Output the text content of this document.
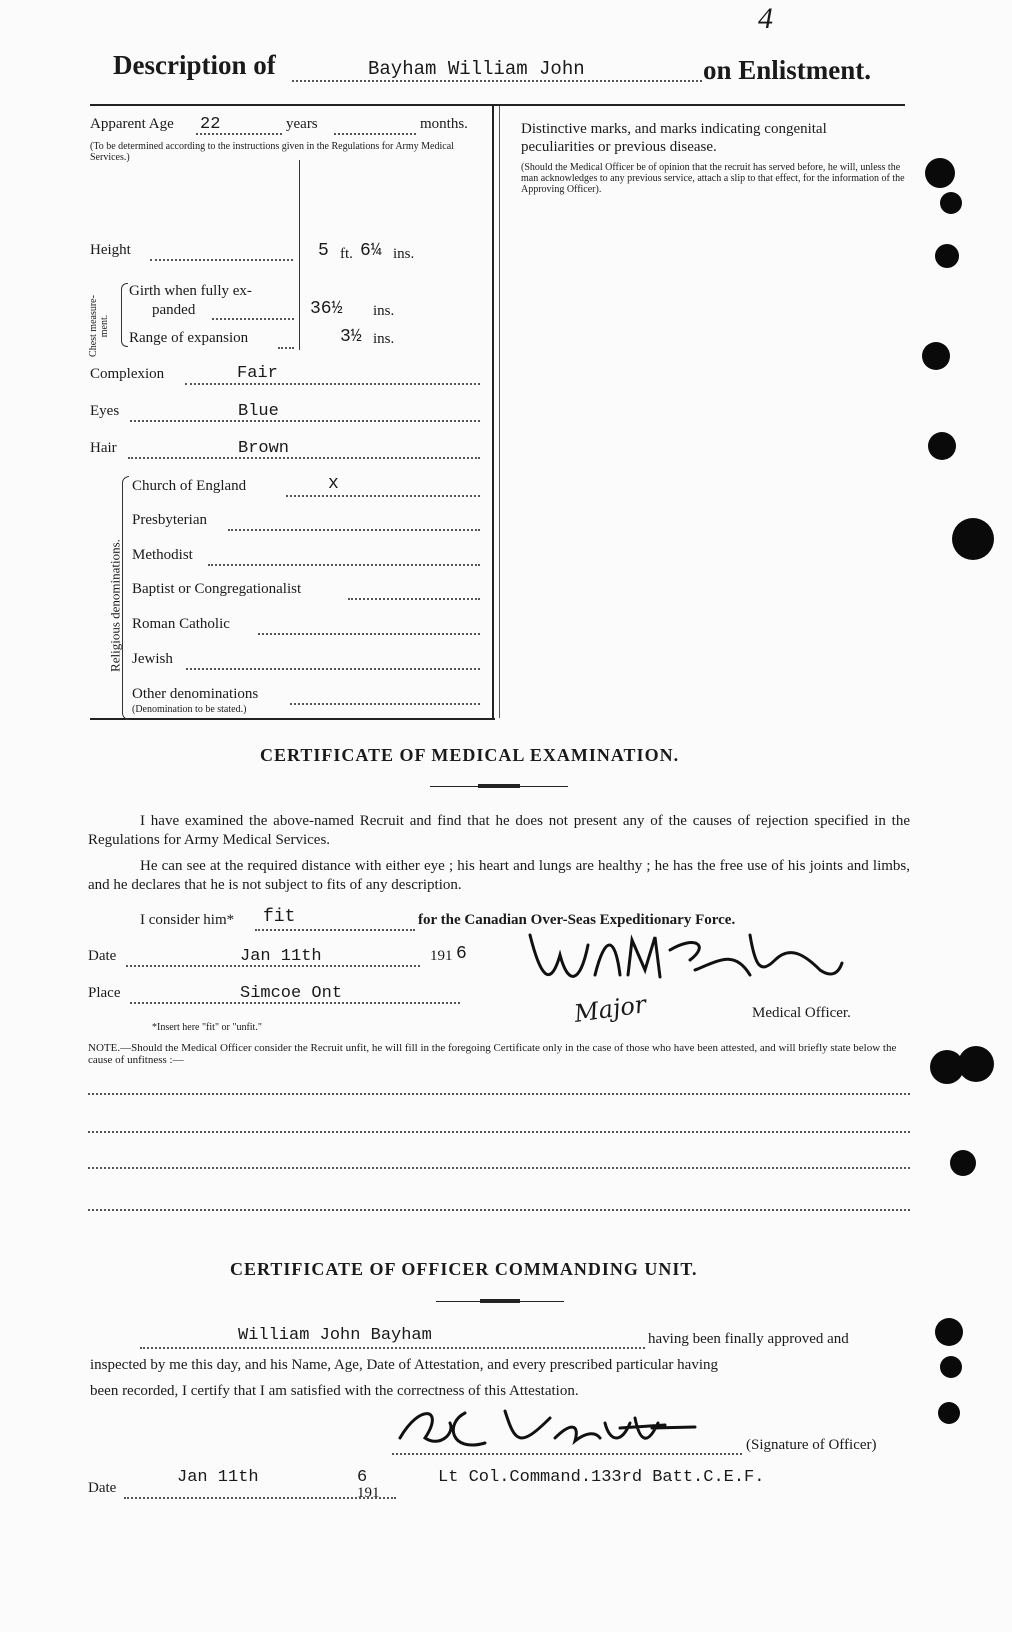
4
Description of	Bayham William John	on Enlistment.
Apparent Age 22	years	months.
(To be determined according to the instructions given in the Regulations for Army Medical Services.)
Height	5 ft. 6¼ ins.
Chest measure-ment.
Girth when fully ex-
panded	36½ ins.
Range of expansion	3½ ins.
Complexion	Fair
Eyes	Blue
Hair	Brown
Religious denominations.
Church of England	x
Presbyterian
Methodist
Baptist or Congregationalist
Roman Catholic
Jewish
Other denominations
(Denomination to be stated.)
Distinctive marks, and marks indicating congenital
peculiarities or previous disease.
(Should the Medical Officer be of opinion that the recruit has served before, he will, unless the man acknowledges to any previous service, attach a slip to that effect, for the information of the Approving Officer).
CERTIFICATE OF MEDICAL EXAMINATION.
I have examined the above-named Recruit and find that he does not present any of the causes of rejection specified in the Regulations for Army Medical Services.
He can see at the required distance with either eye ; his heart and lungs are healthy ; he has the free use of his joints and limbs, and he declares that he is not subject to fits of any description.
I consider him* fit	for the Canadian Over-Seas Expeditionary Force.
Date	Jan 11th	191 6
Place	Simcoe Ont
*Insert here "fit" or "unfit."	Major	Medical Officer.
NOTE.—Should the Medical Officer consider the Recruit unfit, he will fill in the foregoing Certificate only in the case of those who have been attested, and will briefly state below the cause of unfitness :—
CERTIFICATE OF OFFICER COMMANDING UNIT.
William John Bayham	having been finally approved and
inspected by me this day, and his Name, Age, Date of Attestation, and every prescribed particular having
been recorded, I certify that I am satisfied with the correctness of this Attestation.
(Signature of Officer)
Date
Jan 11th	6
191
Lt Col.Command.133rd Batt.C.E.F.
